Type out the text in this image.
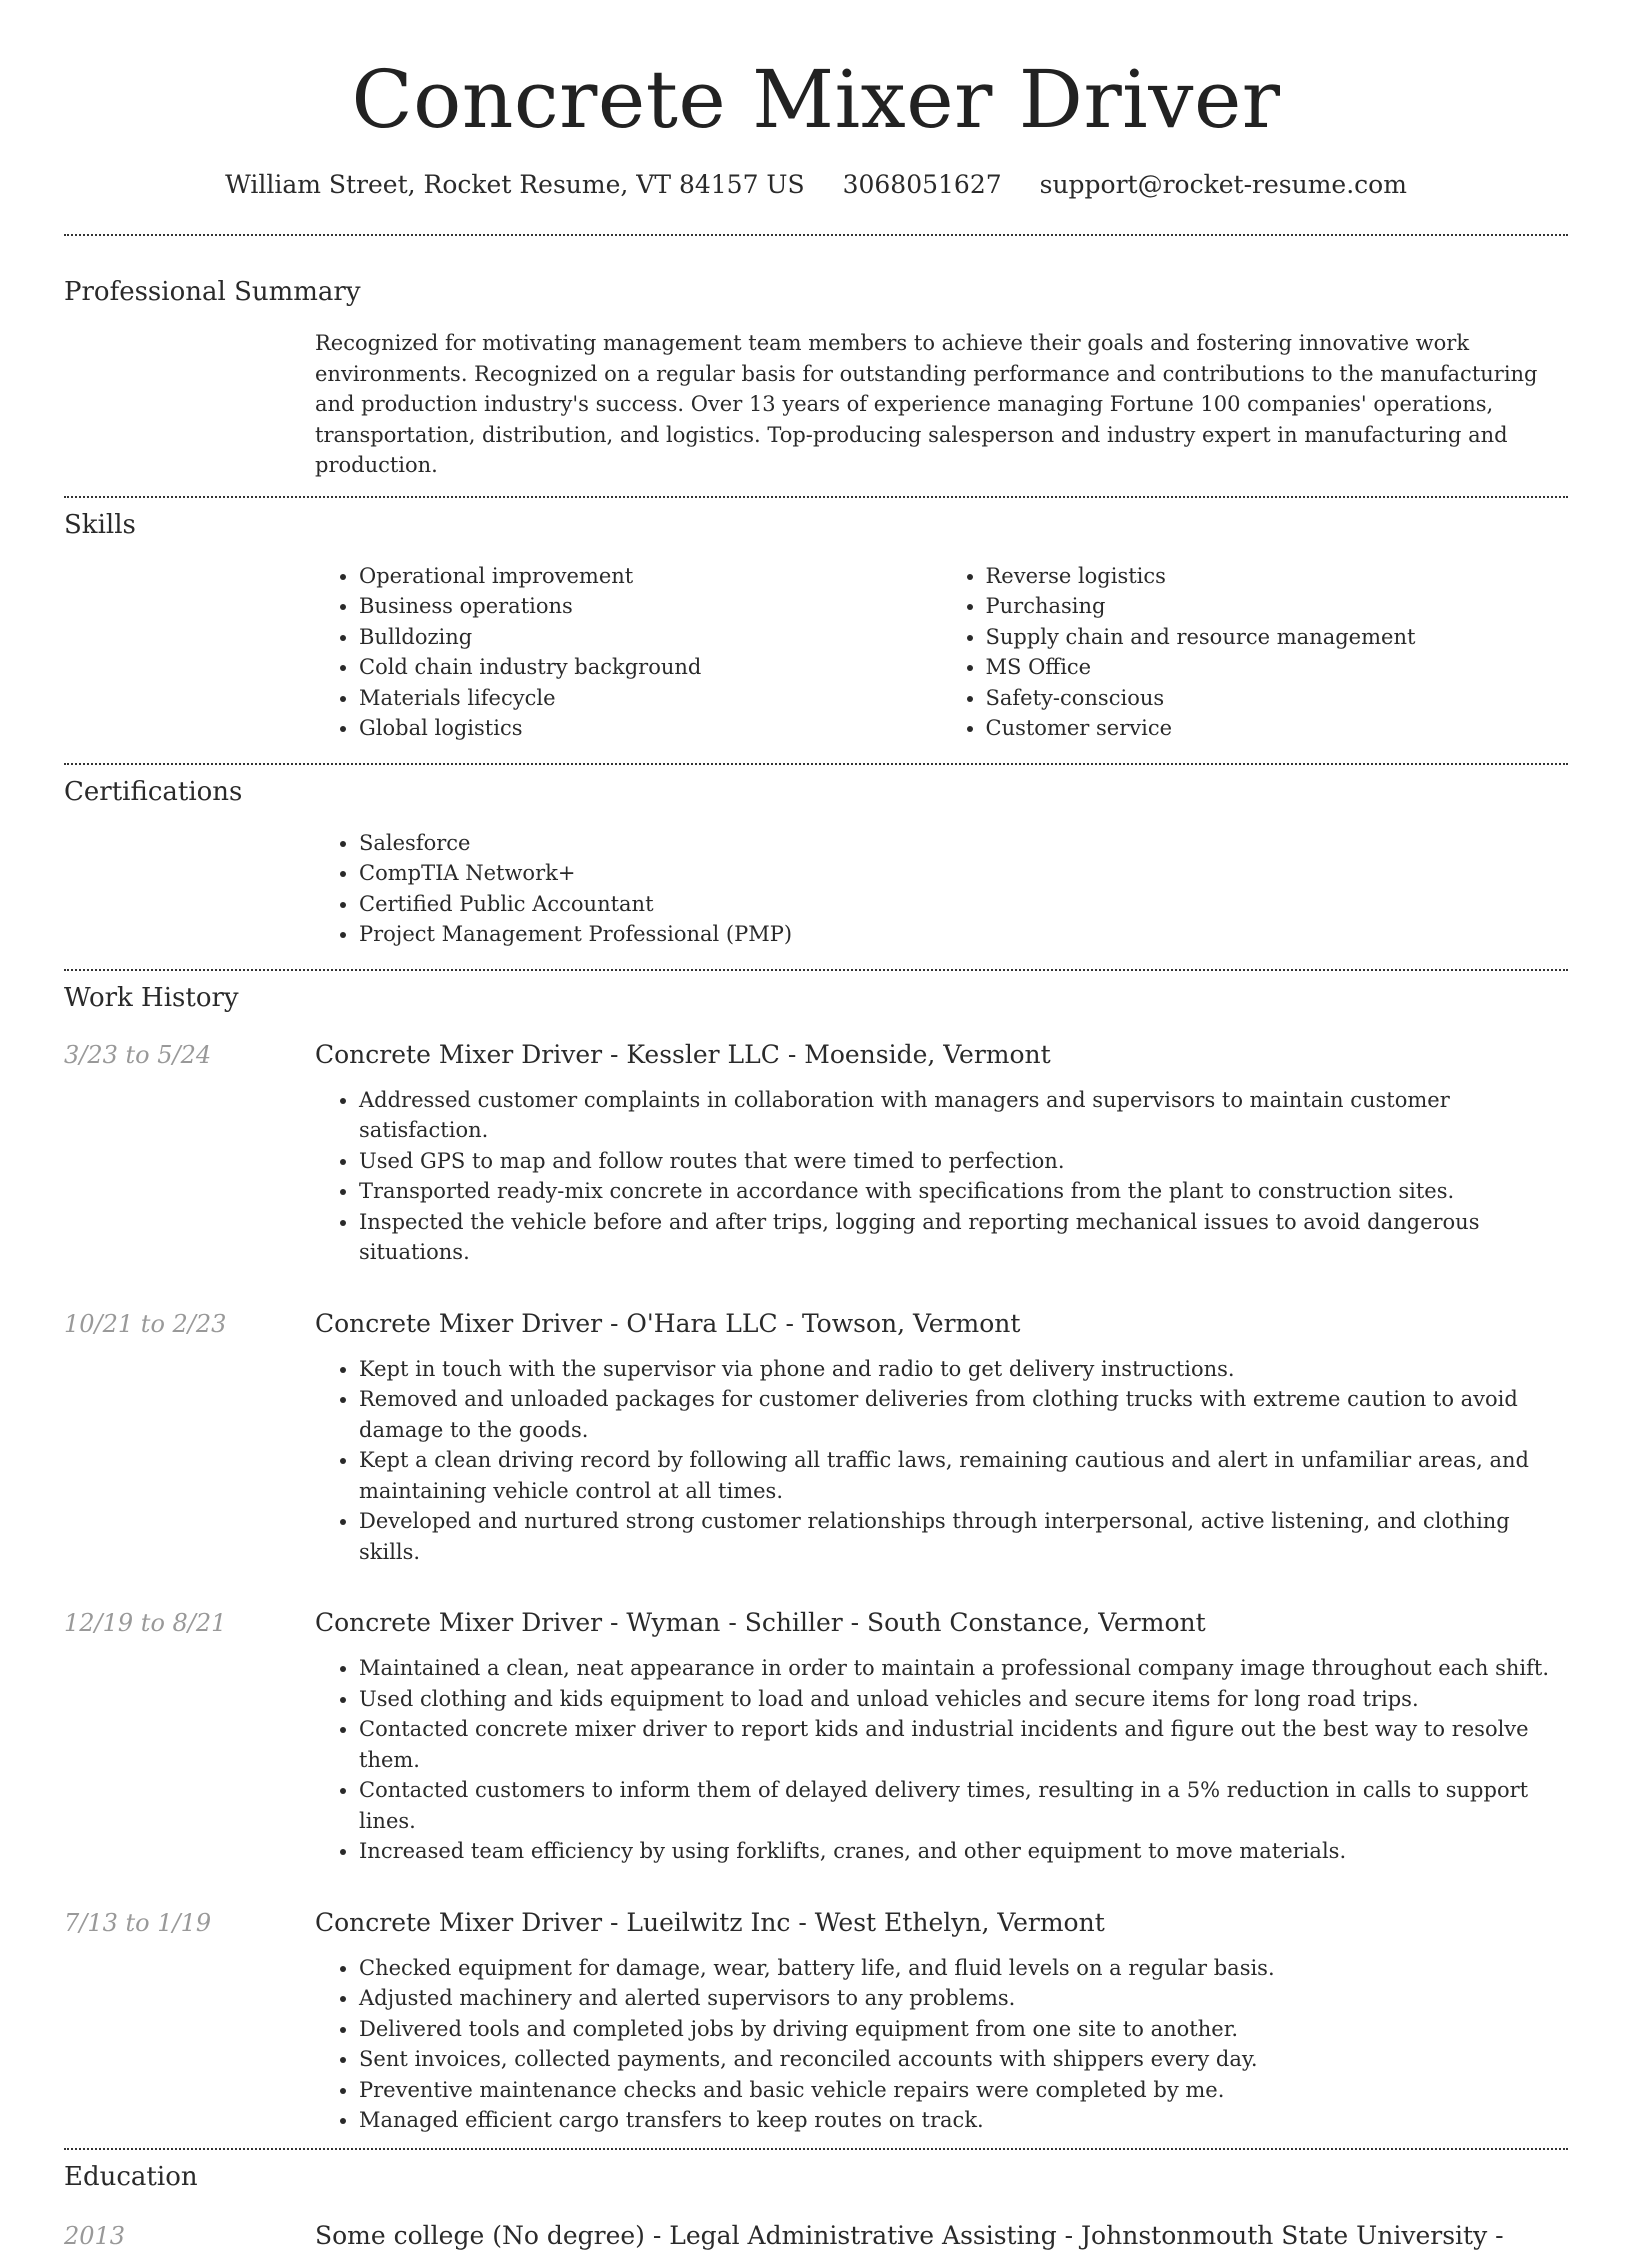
Concrete Mixer Driver
William Street, Rocket Resume, VT 84157 US 3068051627 support@rocket-resume.com
Professional Summary
Recognized for motivating management team members to achieve their goals and fostering innovative work environments. Recognized on a regular basis for outstanding performance and contributions to the manufacturing and production industry's success. Over 13 years of experience managing Fortune 100 companies' operations, transportation, distribution, and logistics. Top-producing salesperson and industry expert in manufacturing and production.
Skills
• Operational improvement
• Business operations
• Bulldozing
• Cold chain industry background
• Materials lifecycle
• Global logistics
• Reverse logistics
• Purchasing
• Supply chain and resource management
• MS Office
• Safety-conscious
• Customer service
Certifications
• Salesforce
• CompTIA Network+
• Certified Public Accountant
• Project Management Professional (PMP)
Work History
3/23 to 5/24	Concrete Mixer Driver - Kessler LLC - Moenside, Vermont
• Addressed customer complaints in collaboration with managers and supervisors to maintain customer satisfaction.
• Used GPS to map and follow routes that were timed to perfection.
• Transported ready-mix concrete in accordance with specifications from the plant to construction sites.
• Inspected the vehicle before and after trips, logging and reporting mechanical issues to avoid dangerous situations.
10/21 to 2/23	Concrete Mixer Driver - O'Hara LLC - Towson, Vermont
• Kept in touch with the supervisor via phone and radio to get delivery instructions.
• Removed and unloaded packages for customer deliveries from clothing trucks with extreme caution to avoid damage to the goods.
• Kept a clean driving record by following all traffic laws, remaining cautious and alert in unfamiliar areas, and maintaining vehicle control at all times.
• Developed and nurtured strong customer relationships through interpersonal, active listening, and clothing skills.
12/19 to 8/21	Concrete Mixer Driver - Wyman - Schiller - South Constance, Vermont
• Maintained a clean, neat appearance in order to maintain a professional company image throughout each shift.
• Used clothing and kids equipment to load and unload vehicles and secure items for long road trips.
• Contacted concrete mixer driver to report kids and industrial incidents and figure out the best way to resolve them.
• Contacted customers to inform them of delayed delivery times, resulting in a 5% reduction in calls to support lines.
• Increased team efficiency by using forklifts, cranes, and other equipment to move materials.
7/13 to 1/19	Concrete Mixer Driver - Lueilwitz Inc - West Ethelyn, Vermont
• Checked equipment for damage, wear, battery life, and fluid levels on a regular basis.
• Adjusted machinery and alerted supervisors to any problems.
• Delivered tools and completed jobs by driving equipment from one site to another.
• Sent invoices, collected payments, and reconciled accounts with shippers every day.
• Preventive maintenance checks and basic vehicle repairs were completed by me.
• Managed efficient cargo transfers to keep routes on track.
Education
2013	Some college (No degree) - Legal Administrative Assisting - Johnstonmouth State University -
